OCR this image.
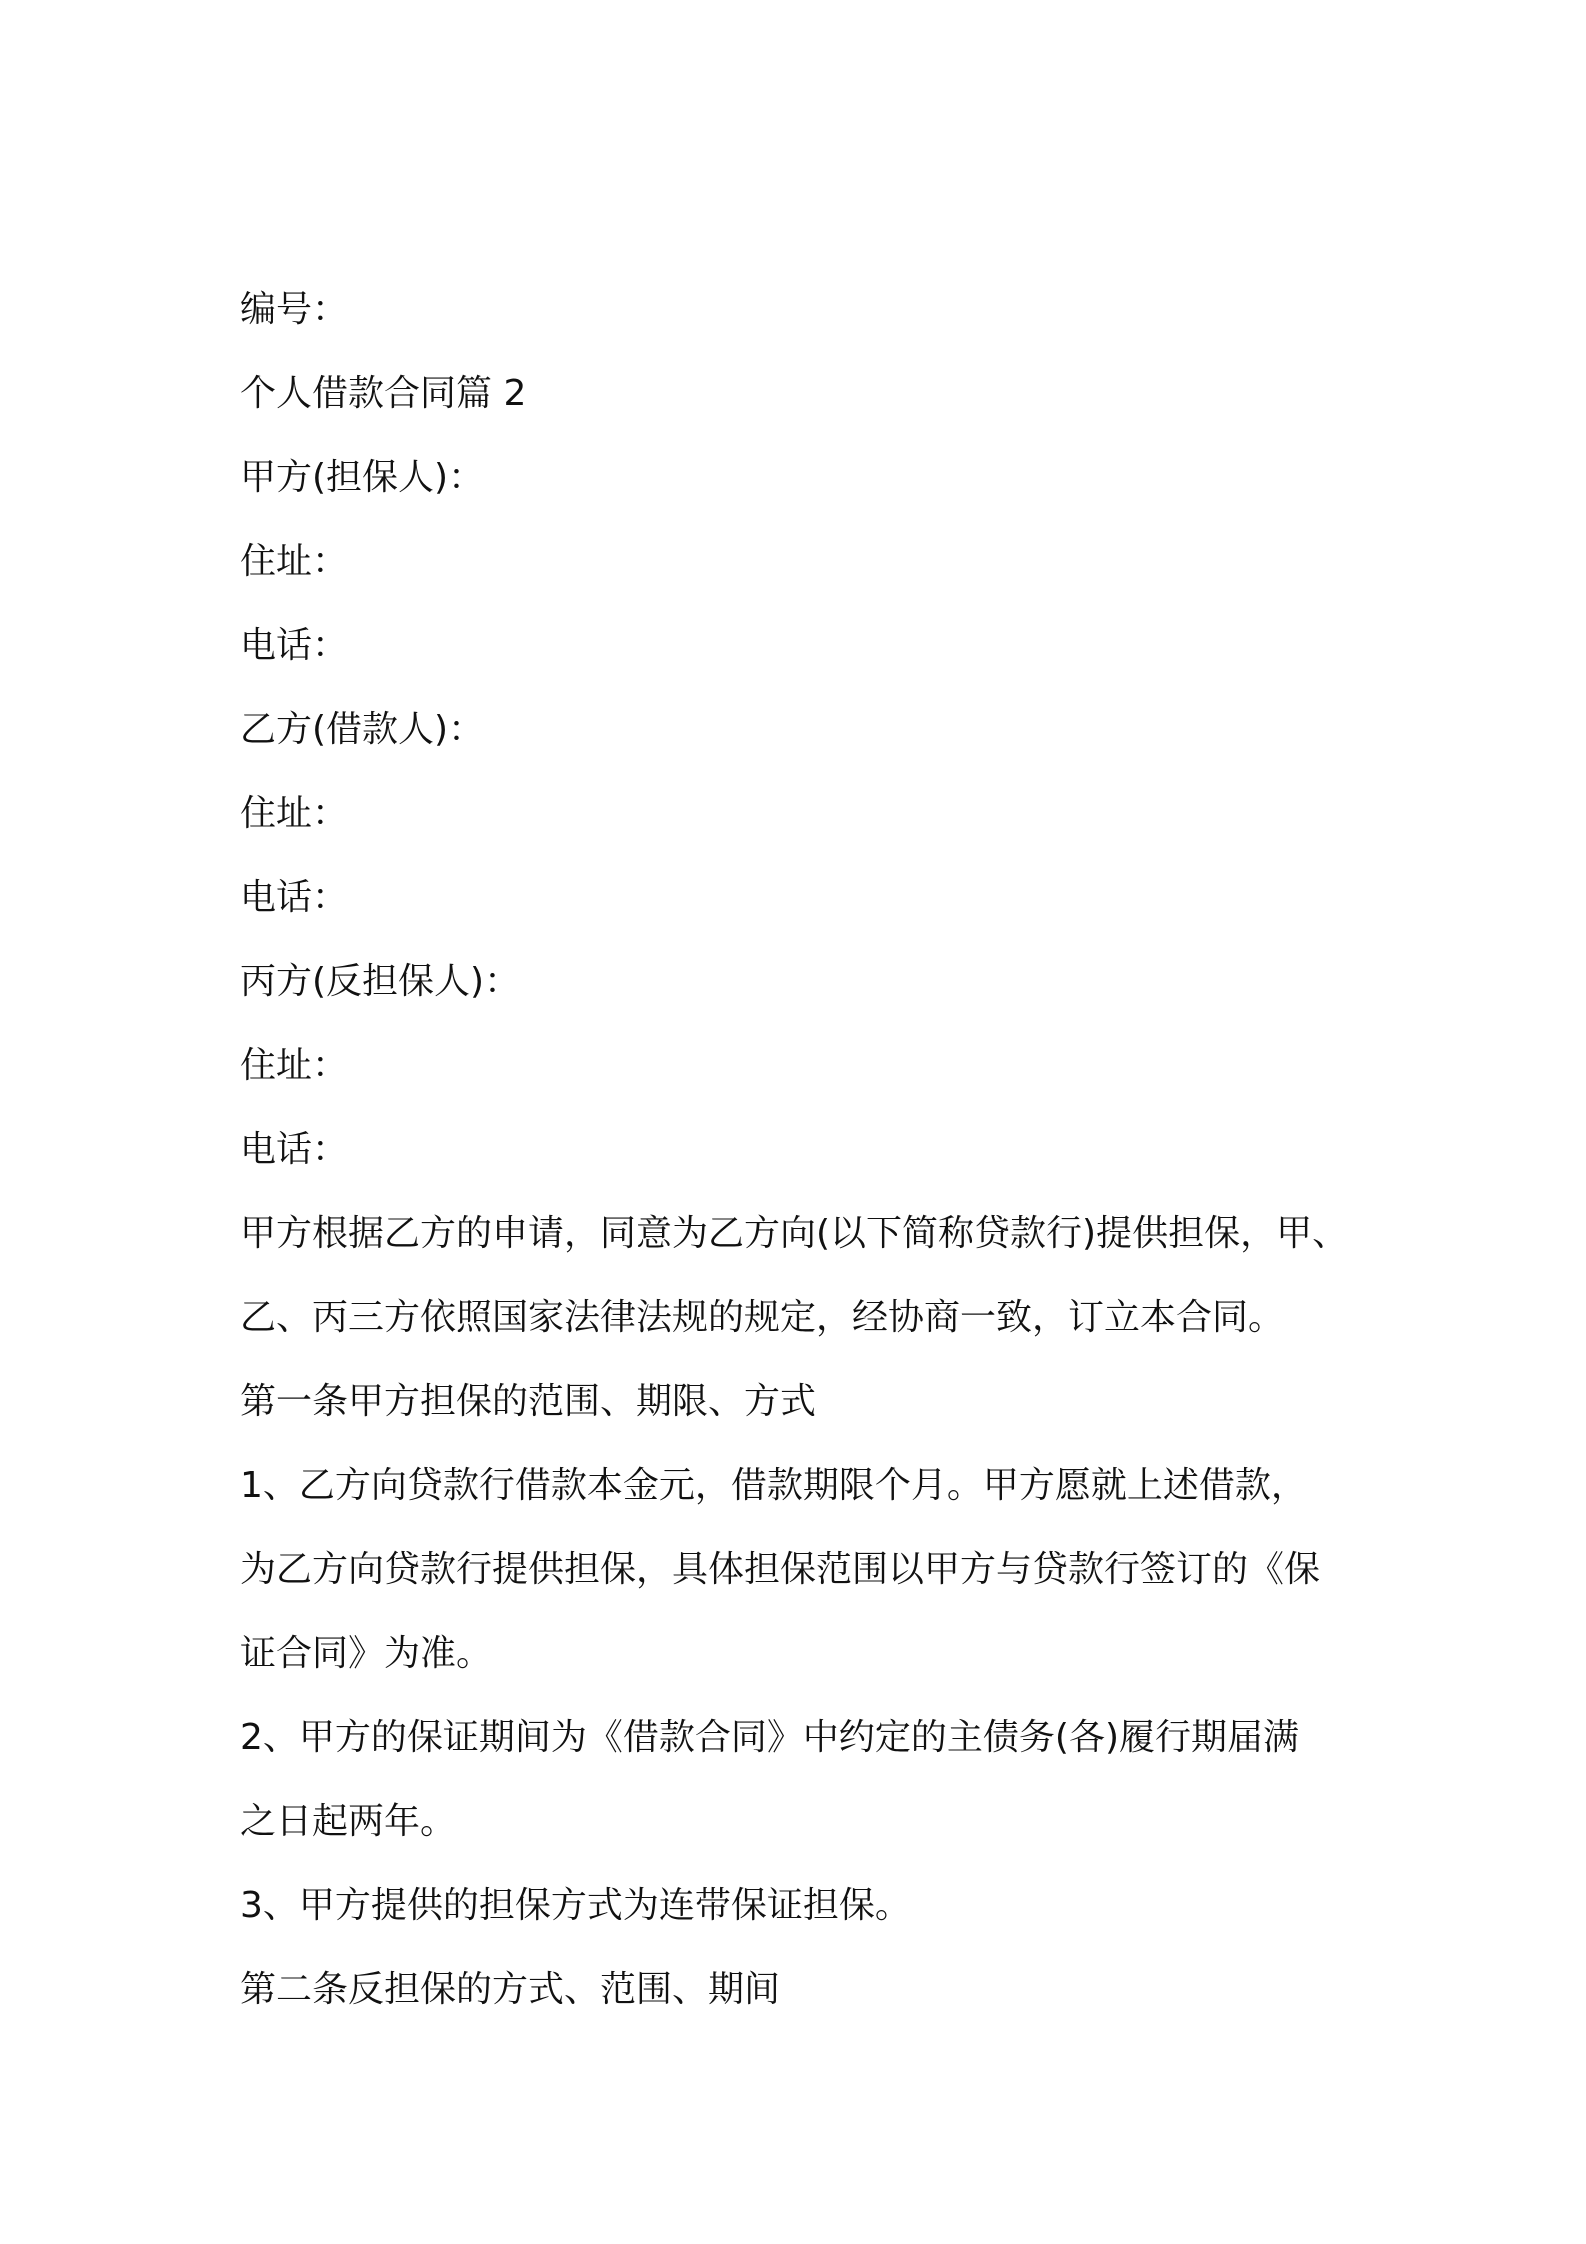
编号：
个人借款合同篇 2
甲方(担保人)：
住址：
电话：
乙方(借款人)：
住址：
电话：
丙方(反担保人)：
住址：
电话：
甲方根据乙方的申请，同意为乙方向(以下简称贷款行)提供担保，甲、
乙、丙三方依照国家法律法规的规定，经协商一致，订立本合同。
第一条甲方担保的范围、期限、方式
1、乙方向贷款行借款本金元，借款期限个月。甲方愿就上述借款，
为乙方向贷款行提供担保，具体担保范围以甲方与贷款行签订的《保
证合同》为准。
2、甲方的保证期间为《借款合同》中约定的主债务(各)履行期届满
之日起两年。
3、甲方提供的担保方式为连带保证担保。
第二条反担保的方式、范围、期间
